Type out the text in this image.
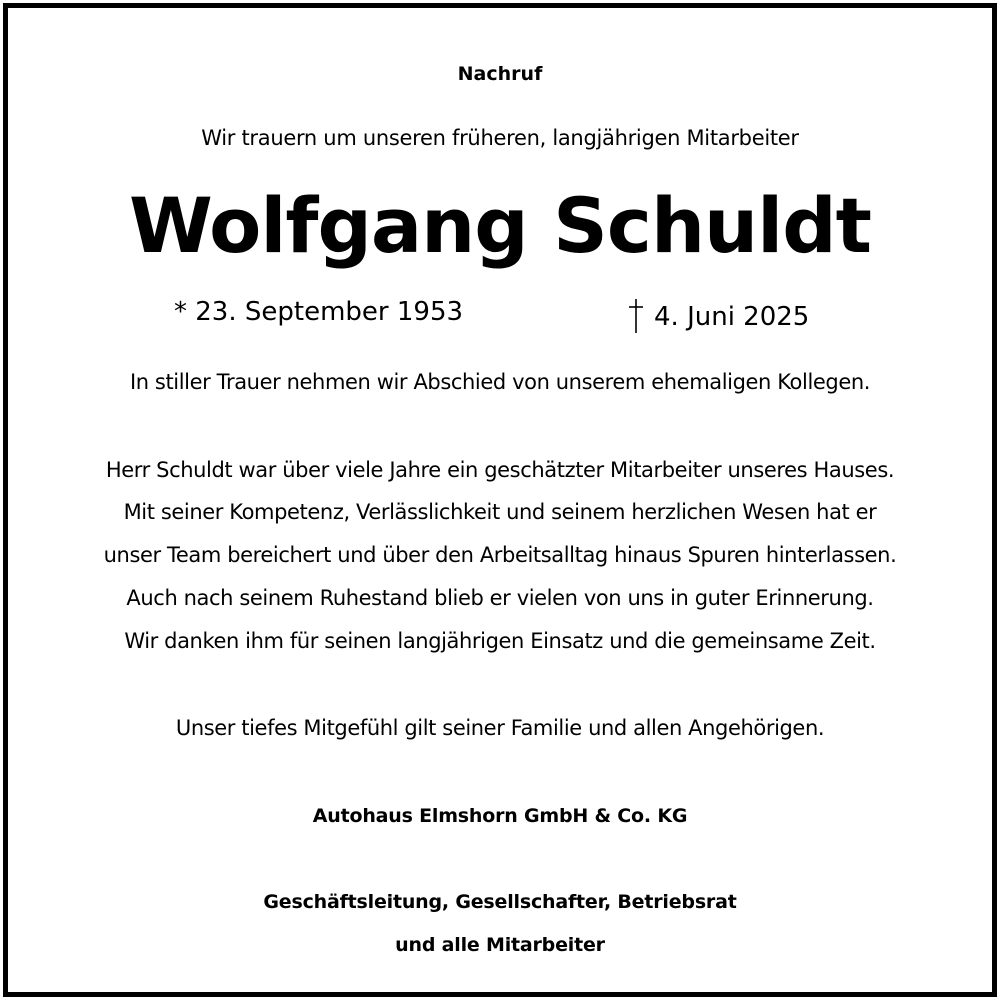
Nachruf
Wir trauern um unseren früheren, langjährigen Mitarbeiter
Wolfgang Schuldt
* 23. September 1953	4. Juni 2025
In stiller Trauer nehmen wir Abschied von unserem ehemaligen Kollegen.
Herr Schuldt war über viele Jahre ein geschätzter Mitarbeiter unseres Hauses.
Mit seiner Kompetenz, Verlässlichkeit und seinem herzlichen Wesen hat er
unser Team bereichert und über den Arbeitsalltag hinaus Spuren hinterlassen.
Auch nach seinem Ruhestand blieb er vielen von uns in guter Erinnerung.
Wir danken ihm für seinen langjährigen Einsatz und die gemeinsame Zeit.
Unser tiefes Mitgefühl gilt seiner Familie und allen Angehörigen.
Autohaus Elmshorn GmbH & Co. KG
Geschäftsleitung, Gesellschafter, Betriebsrat
und alle Mitarbeiter
